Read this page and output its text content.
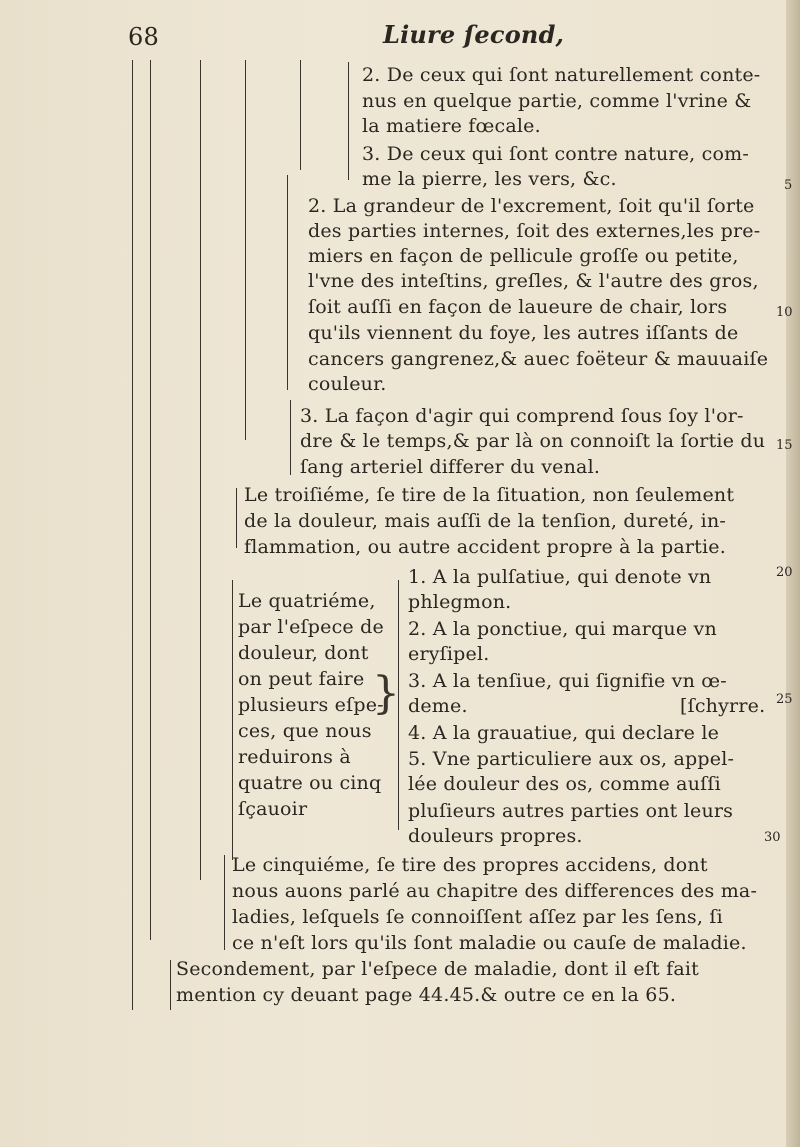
68	Liure ſecond,
}
5
10
15
20
25
30
2. De ceux qui ſont naturellement conte-
nus en quelque partie, comme l'vrine &
la matiere fœcale.
3. De ceux qui ſont contre nature, com-
me la pierre, les vers, &c.
2. La grandeur de l'excrement, ſoit qu'il ſorte
des parties internes, ſoit des externes,les pre-
miers en façon de pellicule groſſe ou petite,
l'vne des inteſtins, greſles, & l'autre des gros,
ſoit auſſi en façon de laueure de chair, lors
qu'ils viennent du foye, les autres iſſants de
cancers gangrenez,& auec foëteur & mauuaiſe
couleur.
3. La façon d'agir qui comprend ſous ſoy l'or-
dre & le temps,& par là on connoiſt la ſortie du
ſang arteriel differer du venal.
Le troiſiéme, ſe tire de la ſituation, non ſeulement
de la douleur, mais auſſi de la tenſion, dureté, in-
flammation, ou autre accident propre à la partie.
Le quatriéme,
par l'eſpece de
douleur, dont
on peut faire
plusieurs eſpe-
ces, que nous
reduirons à
quatre ou cinq
ſçauoir
1. A la pulſatiue, qui denote vn
phlegmon.
2. A la ponctiue, qui marque vn
eryſipel.
3. A la tenſiue, qui ſignifie vn œ-
deme.	[ſchyrre.
4. A la grauatiue, qui declare le
5. Vne particuliere aux os, appel-
lée douleur des os, comme auſſi
pluſieurs autres parties ont leurs
douleurs propres.
Le cinquiéme, ſe tire des propres accidens, dont
nous auons parlé au chapitre des differences des ma-
ladies, leſquels ſe connoiſſent aſſez par les ſens, ſi
ce n'eſt lors qu'ils ſont maladie ou cauſe de maladie.
Secondement, par l'eſpece de maladie, dont il eſt fait
mention cy deuant page 44.45.& outre ce en la 65.
